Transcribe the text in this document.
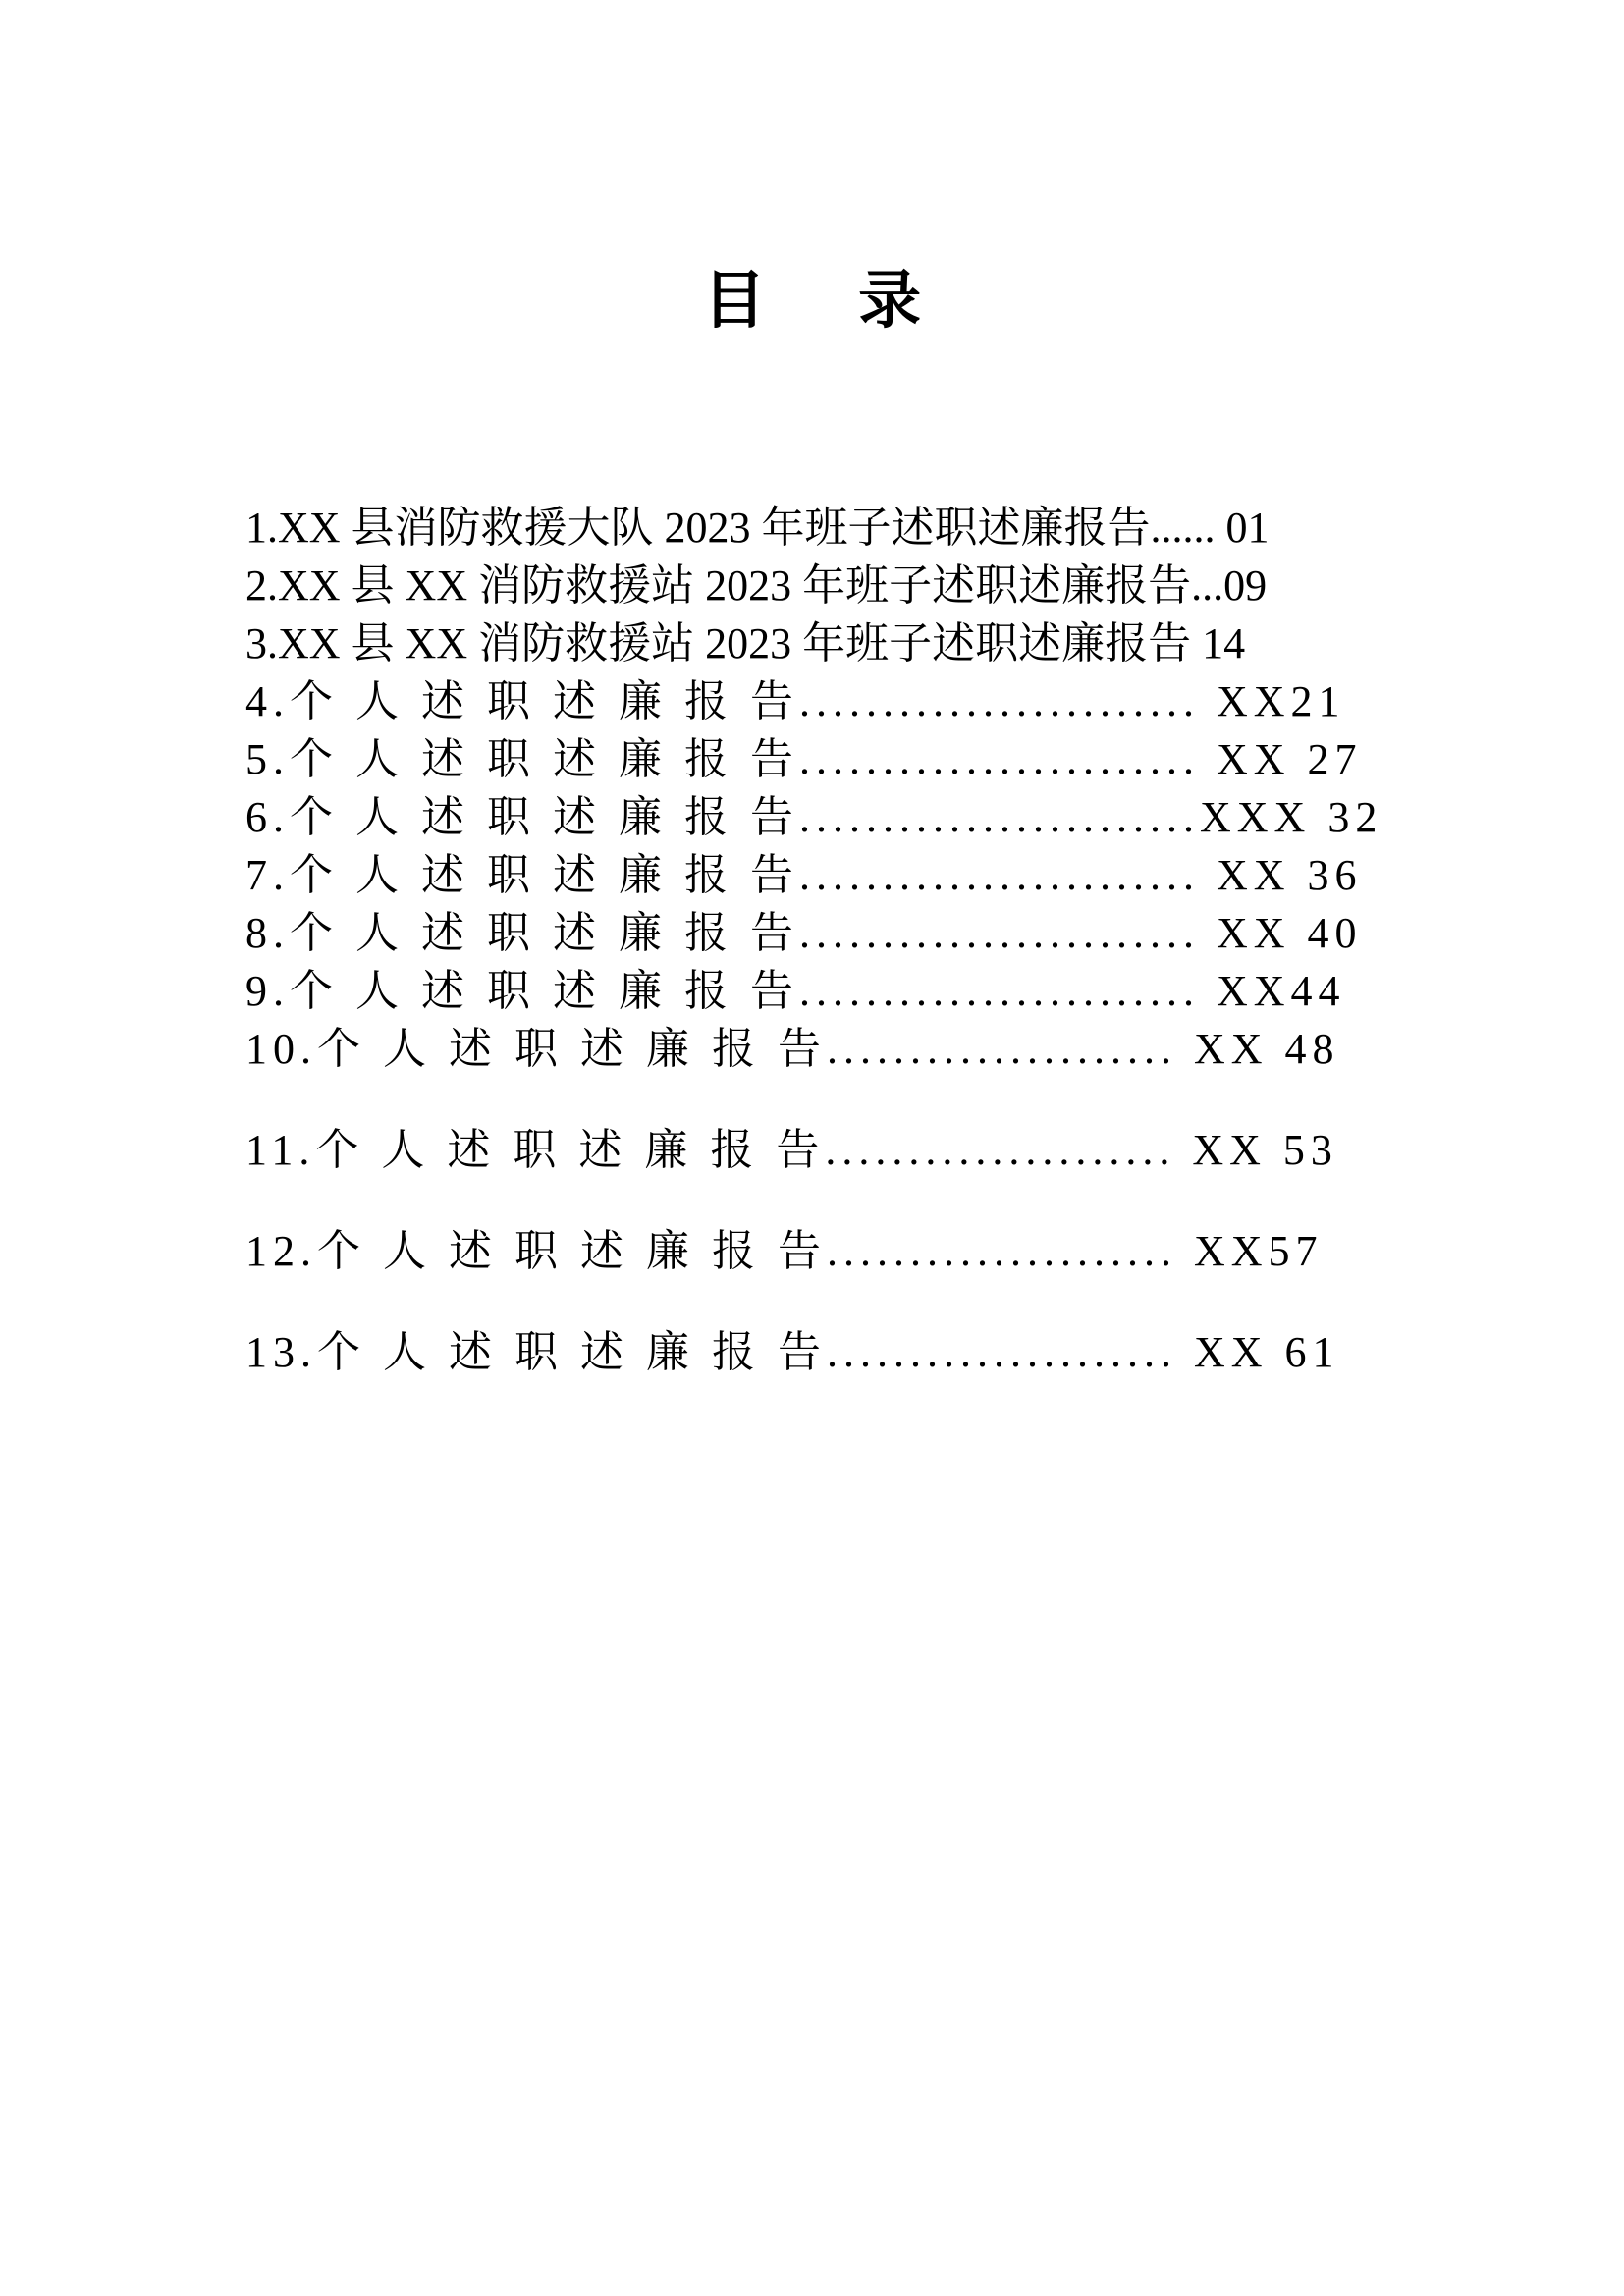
目 录
1.XX 县消防救援大队 2023 年班子述职述廉报告...... 01
2.XX 县 XX 消防救援站 2023 年班子述职述廉报告...09
3.XX 县 XX 消防救援站 2023 年班子述职述廉报告 14
4.个 人 述 职 述 廉 报 告........................ XX21
5.个 人 述 职 述 廉 报 告........................ XX 27
6.个 人 述 职 述 廉 报 告........................XXX 32
7.个 人 述 职 述 廉 报 告........................ XX 36
8.个 人 述 职 述 廉 报 告........................ XX 40
9.个 人 述 职 述 廉 报 告........................ XX44
10.个 人 述 职 述 廉 报 告..................... XX 48
11.个 人 述 职 述 廉 报 告..................... XX 53
12.个 人 述 职 述 廉 报 告..................... XX57
13.个 人 述 职 述 廉 报 告..................... XX 61
